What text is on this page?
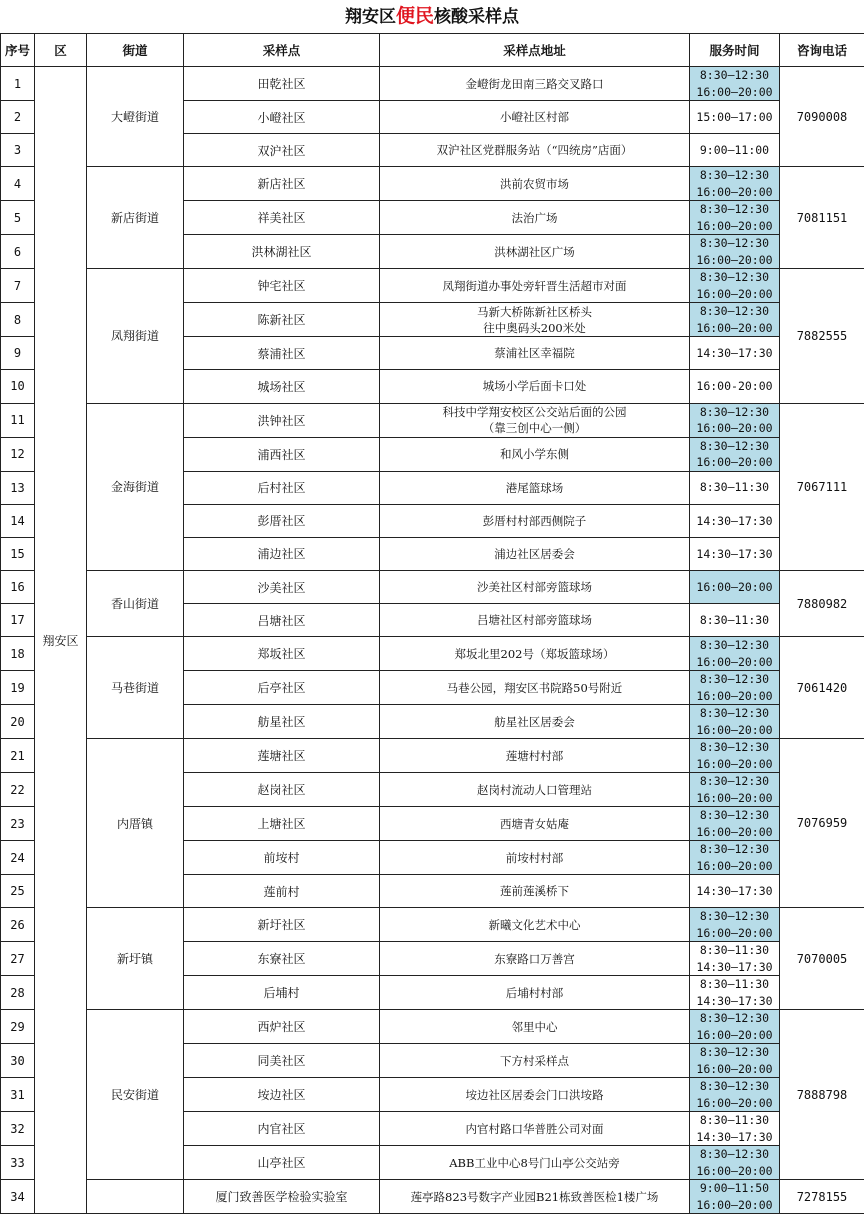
翔安区便民核酸采样点
序号	区	街道	采样点	采样点地址	服务时间	咨询电话
1	翔安区	大嶝街道	田乾社区	金嶝街龙田南三路交叉路口	8:30—12:30
16:00—20:00	7090008
2			小嶝社区	小嶝社区村部	15:00—17:00	

3			双沪社区	双沪社区党群服务站（“四统房”店面）	9:00—11:00	

4		新店街道	新店社区	洪前农贸市场	8:30—12:30
16:00—20:00	7081151
5			祥美社区	法治广场	8:30—12:30
16:00—20:00	

6			洪林湖社区	洪林湖社区广场	8:30—12:30
16:00—20:00	

7		凤翔街道	钟宅社区	凤翔街道办事处旁轩晋生活超市对面	8:30—12:30
16:00—20:00	7882555
8			陈新社区	马新大桥陈新社区桥头
往中奥码头200米处	8:30—12:30
16:00—20:00	

9			蔡浦社区	蔡浦社区幸福院	14:30—17:30	

10			城场社区	城场小学后面卡口处	16:00-20:00	

11		金海街道	洪钟社区	科技中学翔安校区公交站后面的公园
（靠三创中心一侧）	8:30—12:30
16:00—20:00	7067111
12			浦西社区	和风小学东侧	8:30—12:30
16:00—20:00	

13			后村社区	港尾篮球场	8:30—11:30	

14			彭厝社区	彭厝村村部西侧院子	14:30—17:30	

15			浦边社区	浦边社区居委会	14:30—17:30	

16		香山街道	沙美社区	沙美社区村部旁篮球场	16:00—20:00	7880982
17			吕塘社区	吕塘社区村部旁篮球场	8:30—11:30	

18		马巷街道	郑坂社区	郑坂北里202号（郑坂篮球场）	8:30—12:30
16:00—20:00	7061420
19			后亭社区	马巷公园，翔安区书院路50号附近	8:30—12:30
16:00—20:00	

20			舫星社区	舫星社区居委会	8:30—12:30
16:00—20:00	

21		内厝镇	莲塘社区	莲塘村村部	8:30—12:30
16:00—20:00	7076959
22			赵岗社区	赵岗村流动人口管理站	8:30—12:30
16:00—20:00	

23			上塘社区	西塘青女姑庵	8:30—12:30
16:00—20:00	

24			前垵村	前垵村村部	8:30—12:30
16:00—20:00	

25			莲前村	莲前莲溪桥下	14:30—17:30	

26		新圩镇	新圩社区	新曦文化艺术中心	8:30—12:30
16:00—20:00	7070005
27			东寮社区	东寮路口万善宫	8:30—11:30
14:30—17:30	

28			后埔村	后埔村村部	8:30—11:30
14:30—17:30	

29		民安街道	西炉社区	邻里中心	8:30—12:30
16:00—20:00	7888798
30			同美社区	下方村采样点	8:30—12:30
16:00—20:00	

31			垵边社区	垵边社区居委会门口洪垵路	8:30—12:30
16:00—20:00	

32			内官社区	内官村路口华普胜公司对面	8:30—11:30
14:30—17:30	

33			山亭社区	ABB工业中心8号门山亭公交站旁	8:30—12:30
16:00—20:00	

34			厦门致善医学检验实验室	莲亭路823号数字产业园B21栋致善医检1楼广场	9:00—11:50
16:00—20:00	7278155
